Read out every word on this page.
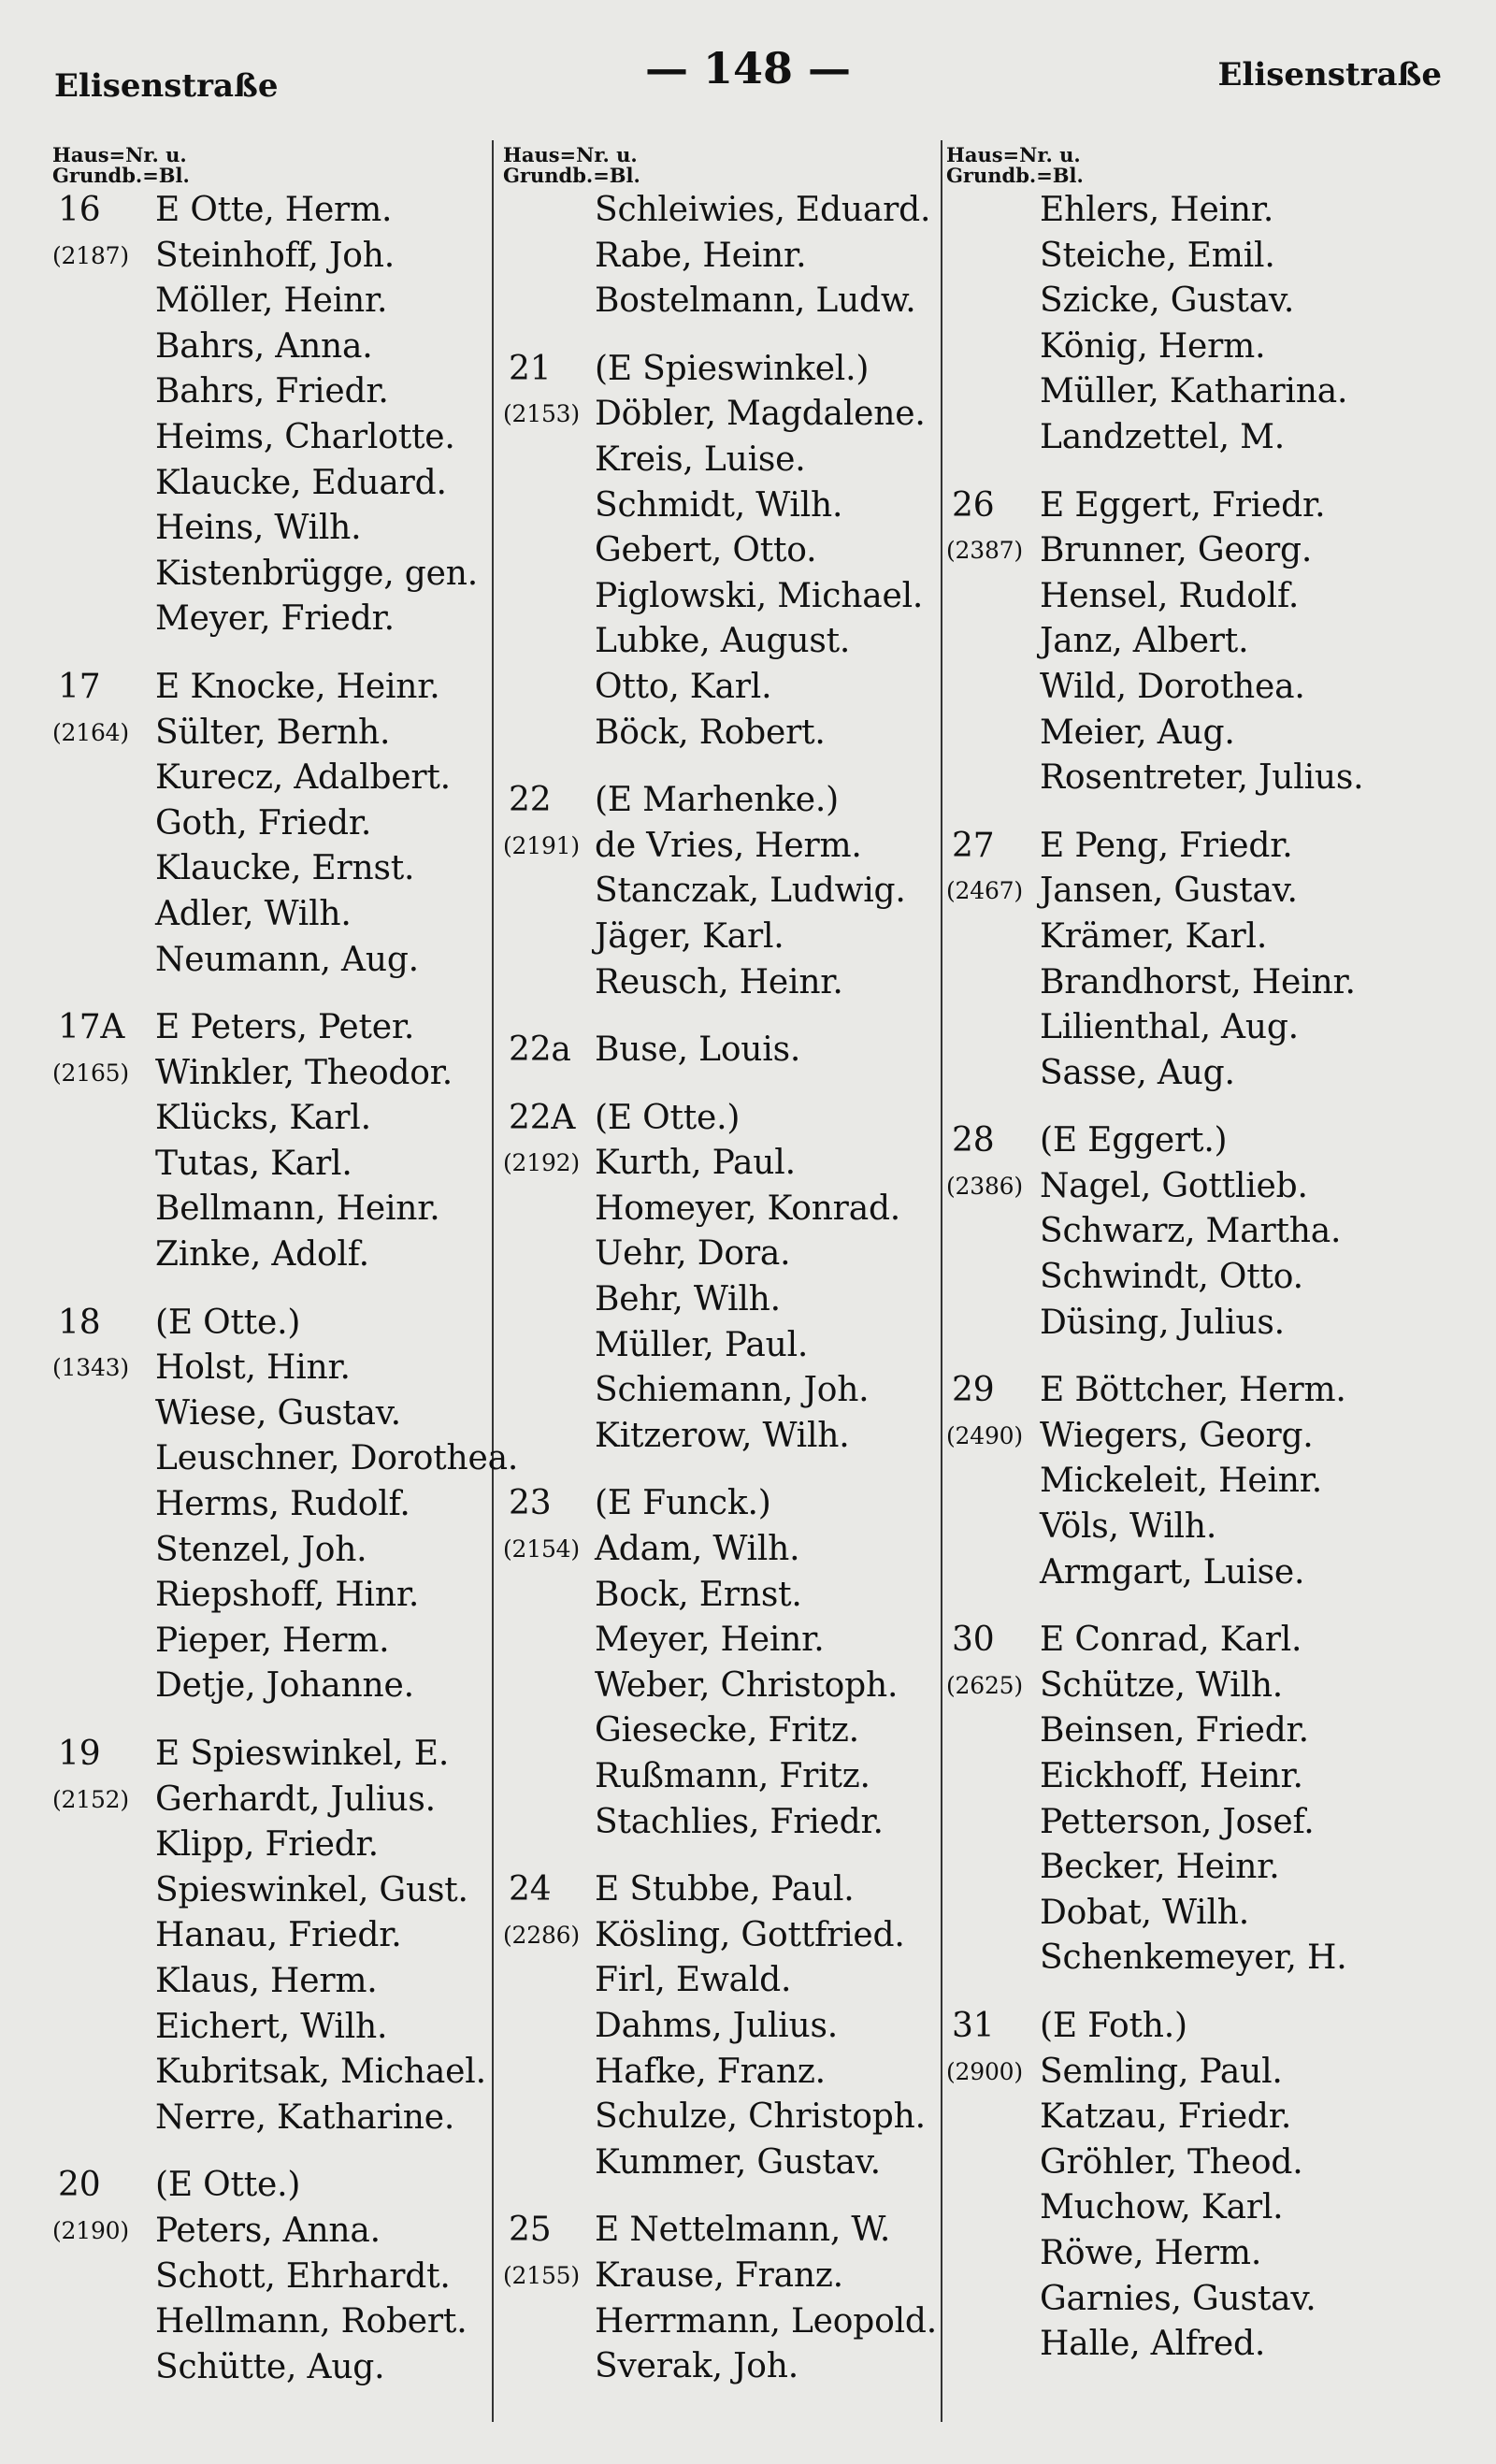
Elisenstraße	— 148 —	Elisenstraße
Haus=Nr. u.
Grundb.=Bl.
16	E Otte, Herm.
(2187) Steinhoff, Joh.
Möller, Heinr.
Bahrs, Anna.
Bahrs, Friedr.
Heims, Charlotte.
Klaucke, Eduard.
Heins, Wilh.
Kistenbrügge, gen.
Meyer, Friedr.
17	E Knocke, Heinr.
(2164) Sülter, Bernh.
Kurecz, Adalbert.
Goth, Friedr.
Klaucke, Ernst.
Adler, Wilh.
Neumann, Aug.
17A E Peters, Peter.
(2165) Winkler, Theodor.
Klücks, Karl.
Tutas, Karl.
Bellmann, Heinr.
Zinke, Adolf.
18	(E Otte.)
(1343) Holst, Hinr.
Wiese, Gustav.
Leuschner, Dorothea.
Herms, Rudolf.
Stenzel, Joh.
Riepshoff, Hinr.
Pieper, Herm.
Detje, Johanne.
19	E Spieswinkel, E.
(2152) Gerhardt, Julius.
Klipp, Friedr.
Spieswinkel, Gust.
Hanau, Friedr.
Klaus, Herm.
Eichert, Wilh.
Kubritsak, Michael.
Nerre, Katharine.
20	(E Otte.)
(2190) Peters, Anna.
Schott, Ehrhardt.
Hellmann, Robert.
Schütte, Aug.
Haus=Nr. u.
Grundb.=Bl.
Schleiwies, Eduard.
Rabe, Heinr.
Bostelmann, Ludw.
21	(E Spieswinkel.)
(2153) Döbler, Magdalene.
Kreis, Luise.
Schmidt, Wilh.
Gebert, Otto.
Piglowski, Michael.
Lubke, August.
Otto, Karl.
Böck, Robert.
22	(E Marhenke.)
(2191) de Vries, Herm.
Stanczak, Ludwig.
Jäger, Karl.
Reusch, Heinr.
22a Buse, Louis.
22A (E Otte.)
(2192) Kurth, Paul.
Homeyer, Konrad.
Uehr, Dora.
Behr, Wilh.
Müller, Paul.
Schiemann, Joh.
Kitzerow, Wilh.
23	(E Funck.)
(2154) Adam, Wilh.
Bock, Ernst.
Meyer, Heinr.
Weber, Christoph.
Giesecke, Fritz.
Rußmann, Fritz.
Stachlies, Friedr.
24	E Stubbe, Paul.
(2286) Kösling, Gottfried.
Firl, Ewald.
Dahms, Julius.
Hafke, Franz.
Schulze, Christoph.
Kummer, Gustav.
25	E Nettelmann, W.
(2155) Krause, Franz.
Herrmann, Leopold.
Sverak, Joh.
Haus=Nr. u.
Grundb.=Bl.
Ehlers, Heinr.
Steiche, Emil.
Szicke, Gustav.
König, Herm.
Müller, Katharina.
Landzettel, M.
26	E Eggert, Friedr.
(2387) Brunner, Georg.
Hensel, Rudolf.
Janz, Albert.
Wild, Dorothea.
Meier, Aug.
Rosentreter, Julius.
27	E Peng, Friedr.
(2467) Jansen, Gustav.
Krämer, Karl.
Brandhorst, Heinr.
Lilienthal, Aug.
Sasse, Aug.
28	(E Eggert.)
(2386) Nagel, Gottlieb.
Schwarz, Martha.
Schwindt, Otto.
Düsing, Julius.
29	E Böttcher, Herm.
(2490) Wiegers, Georg.
Mickeleit, Heinr.
Völs, Wilh.
Armgart, Luise.
30	E Conrad, Karl.
(2625) Schütze, Wilh.
Beinsen, Friedr.
Eickhoff, Heinr.
Petterson, Josef.
Becker, Heinr.
Dobat, Wilh.
Schenkemeyer, H.
31	(E Foth.)
(2900) Semling, Paul.
Katzau, Friedr.
Gröhler, Theod.
Muchow, Karl.
Röwe, Herm.
Garnies, Gustav.
Halle, Alfred.
